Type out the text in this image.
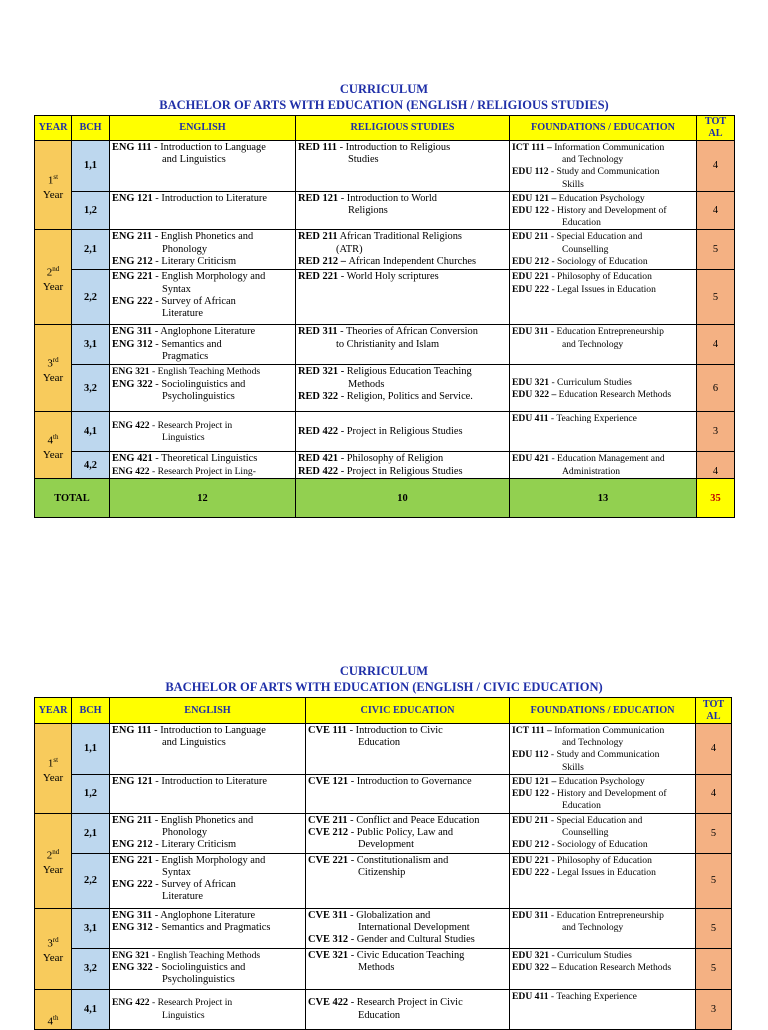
CURRICULUM
BACHELOR OF ARTS WITH EDUCATION (ENGLISH / RELIGIOUS STUDIES)
YEAR	BCH	ENGLISH	RELIGIOUS STUDIES	FOUNDATIONS / EDUCATION	TOT
AL

1st
Year	1,1	ENG 111 - Introduction to Language
and Linguistics	RED 111 - Introduction to Religious
Studies	ICT 111 – Information Communication
and Technology
EDU 112 - Study and Communication
Skills	4
	1,2	ENG 121 - Introduction to Literature	RED 121 - Introduction to World
Religions	EDU 121 – Education Psychology
EDU 122 - History and Development of
Education	4
2nd
Year	2,1	ENG 211 - English Phonetics and
Phonology
ENG 212 - Literary Criticism	RED 211 African Traditional Religions
(ATR)
RED 212 – African Independent Churches	EDU 211 - Special Education and
Counselling
EDU 212 - Sociology of Education	5
	2,2	ENG 221 - English Morphology and
Syntax
ENG 222 - Survey of African
Literature	RED 221 - World Holy scriptures	EDU 221 - Philosophy of Education
EDU 222 - Legal Issues in Education	5
3rd
Year	3,1	ENG 311 - Anglophone Literature
ENG 312 - Semantics and
Pragmatics	RED 311 - Theories of African Conversion
to Christianity and Islam	EDU 311 - Education Entrepreneurship
and Technology	4
	3,2	ENG 321 - English Teaching Methods
ENG 322 - Sociolinguistics and
Psycholinguistics	RED 321 - Religious Education Teaching
Methods
RED 322 - Religion, Politics and Service.	EDU 321 - Curriculum Studies
EDU 322 – Education Research Methods	6
4th
Year	4,1	ENG 422 - Research Project in
Linguistics	RED 422 - Project in Religious Studies	EDU 411 - Teaching Experience	3
	4,2	ENG 421 - Theoretical Linguistics
ENG 422 - Research Project in Ling-	RED 421 - Philosophy of Religion
RED 422 - Project in Religious Studies	EDU 421 - Education Management and
Administration	4
TOTAL		12	10	13	35
CURRICULUM
BACHELOR OF ARTS WITH EDUCATION (ENGLISH / CIVIC EDUCATION)
YEAR	BCH	ENGLISH	CIVIC EDUCATION	FOUNDATIONS / EDUCATION	TOT
AL

1st
Year	1,1	ENG 111 - Introduction to Language
and Linguistics	CVE 111 - Introduction to Civic
Education	ICT 111 – Information Communication
and Technology
EDU 112 - Study and Communication
Skills	4
	1,2	ENG 121 - Introduction to Literature	CVE 121 - Introduction to Governance	EDU 121 – Education Psychology
EDU 122 - History and Development of
Education	4
2nd
Year	2,1	ENG 211 - English Phonetics and
Phonology
ENG 212 - Literary Criticism	CVE 211 - Conflict and Peace Education
CVE 212 - Public Policy, Law and
Development	EDU 211 - Special Education and
Counselling
EDU 212 - Sociology of Education	5
	2,2	ENG 221 - English Morphology and
Syntax
ENG 222 - Survey of African
Literature	CVE 221 - Constitutionalism and
Citizenship	EDU 221 - Philosophy of Education
EDU 222 - Legal Issues in Education	5
3rd
Year	3,1	ENG 311 - Anglophone Literature
ENG 312 - Semantics and Pragmatics	CVE 311 - Globalization and
International Development
CVE 312 - Gender and Cultural Studies	EDU 311 - Education Entrepreneurship
and Technology	5
	3,2	ENG 321 - English Teaching Methods
ENG 322 - Sociolinguistics and
Psycholinguistics	CVE 321 - Civic Education Teaching
Methods	EDU 321 - Curriculum Studies
EDU 322 – Education Research Methods	5
4th	4,1	ENG 422 - Research Project in
Linguistics	CVE 422 - Research Project in Civic
Education	EDU 411 - Teaching Experience	3
